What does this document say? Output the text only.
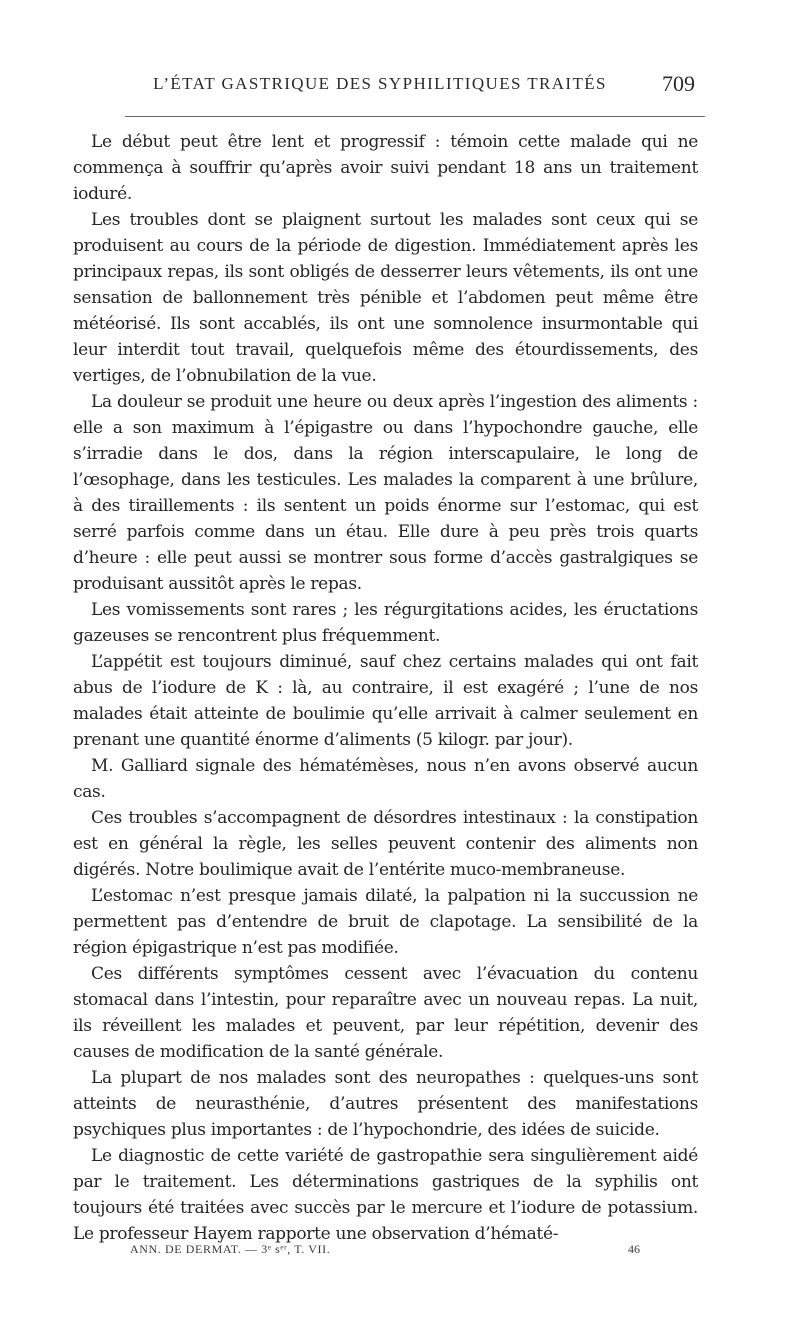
L’ÉTAT GASTRIQUE DES SYPHILITIQUES TRAITÉS	709

Le début peut être lent et progressif : témoin cette malade qui ne commença à souffrir qu’après avoir suivi pendant 18 ans un traitement ioduré.

Les troubles dont se plaignent surtout les malades sont ceux qui se produisent au cours de la période de digestion. Immédiatement après les principaux repas, ils sont obligés de desserrer leurs vêtements, ils ont une sensation de ballonnement très pénible et l’abdomen peut même être météorisé. Ils sont accablés, ils ont une somnolence insurmontable qui leur interdit tout travail, quelquefois même des étourdissements, des vertiges, de l’obnubilation de la vue.

La douleur se produit une heure ou deux après l’ingestion des aliments : elle a son maximum à l’épigastre ou dans l’hypochondre gauche, elle s’irradie dans le dos, dans la région interscapulaire, le long de l’œsophage, dans les testicules. Les malades la comparent à une brûlure, à des tiraillements : ils sentent un poids énorme sur l’estomac, qui est serré parfois comme dans un étau. Elle dure à peu près trois quarts d’heure : elle peut aussi se montrer sous forme d’accès gastralgiques se produisant aussitôt après le repas.

Les vomissements sont rares ; les régurgitations acides, les éructations gazeuses se rencontrent plus fréquemment.

L’appétit est toujours diminué, sauf chez certains malades qui ont fait abus de l’iodure de K : là, au contraire, il est exagéré ; l’une de nos malades était atteinte de boulimie qu’elle arrivait à calmer seulement en prenant une quantité énorme d’aliments (5 kilogr. par jour).

M. Galliard signale des hématémèses, nous n’en avons observé aucun cas.

Ces troubles s’accompagnent de désordres intestinaux : la constipation est en général la règle, les selles peuvent contenir des aliments non digérés. Notre boulimique avait de l’entérite muco-membraneuse.

L’estomac n’est presque jamais dilaté, la palpation ni la succussion ne permettent pas d’entendre de bruit de clapotage. La sensibilité de la région épigastrique n’est pas modifiée.

Ces différents symptômes cessent avec l’évacuation du contenu stomacal dans l’intestin, pour reparaître avec un nouveau repas. La nuit, ils réveillent les malades et peuvent, par leur répétition, devenir des causes de modification de la santé générale.

La plupart de nos malades sont des neuropathes : quelques-uns sont atteints de neurasthénie, d’autres présentent des manifestations psychiques plus importantes : de l’hypochondrie, des idées de suicide.

Le diagnostic de cette variété de gastropathie sera singulièrement aidé par le traitement. Les déterminations gastriques de la syphilis ont toujours été traitées avec succès par le mercure et l’iodure de potassium. Le professeur Hayem rapporte une observation d’hématé-

ANN. DE DERMAT. — 3ᵉ sᵉʳ, T. VII.	46
